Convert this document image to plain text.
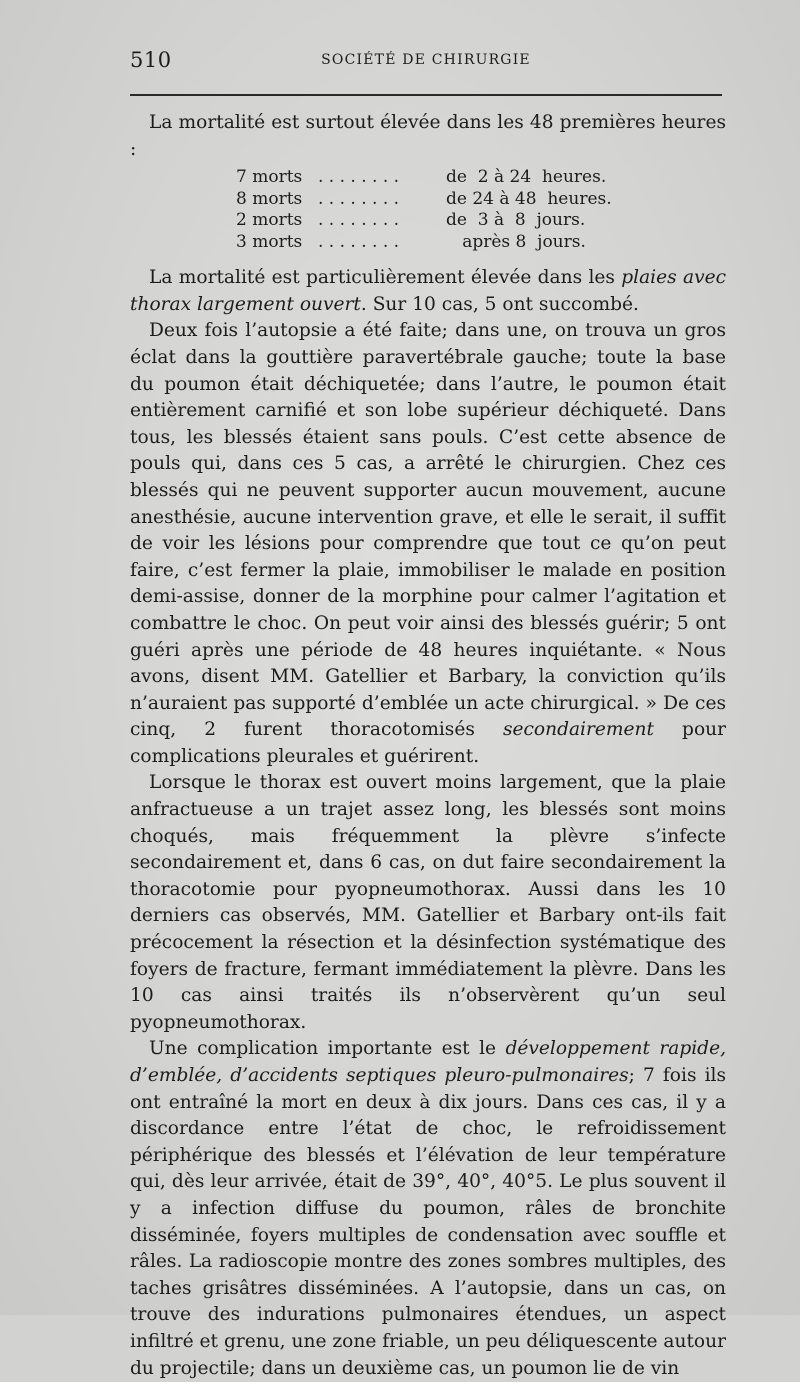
510	SOCIÉTÉ DE CHIRURGIE

La mortalité est surtout élevée dans les 48 premières heures :

7 morts . . . . . . . .	de  2 à 24  heures.
8 morts . . . . . . . .	de 24 à 48  heures.
2 morts . . . . . . . .	de  3 à  8  jours.
3 morts . . . . . . . .	après 8  jours.

La mortalité est particulièrement élevée dans les plaies avec thorax largement ouvert. Sur 10 cas, 5 ont succombé.

Deux fois l’autopsie a été faite; dans une, on trouva un gros éclat dans la gouttière paravertébrale gauche; toute la base du poumon était déchiquetée; dans l’autre, le poumon était entièrement carnifié et son lobe supérieur déchiqueté. Dans tous, les blessés étaient sans pouls. C’est cette absence de pouls qui, dans ces 5 cas, a arrêté le chirurgien. Chez ces blessés qui ne peuvent supporter aucun mouvement, aucune anesthésie, aucune intervention grave, et elle le serait, il suffit de voir les lésions pour comprendre que tout ce qu’on peut faire, c’est fermer la plaie, immobiliser le malade en position demi-assise, donner de la morphine pour calmer l’agitation et combattre le choc. On peut voir ainsi des blessés guérir; 5 ont guéri après une période de 48 heures inquiétante. « Nous avons, disent MM. Gatellier et Barbary, la conviction qu’ils n’auraient pas supporté d’emblée un acte chirurgical. » De ces cinq, 2 furent thoracotomisés secondairement pour complications pleurales et guérirent.

Lorsque le thorax est ouvert moins largement, que la plaie anfractueuse a un trajet assez long, les blessés sont moins choqués, mais fréquemment la plèvre s’infecte secondairement et, dans 6 cas, on dut faire secondairement la thoracotomie pour pyopneumothorax. Aussi dans les 10 derniers cas observés, MM. Gatellier et Barbary ont-ils fait précocement la résection et la désinfection systématique des foyers de fracture, fermant immédiatement la plèvre. Dans les 10 cas ainsi traités ils n’observèrent qu’un seul pyopneumothorax.

Une complication importante est le développement rapide, d’emblée, d’accidents septiques pleuro-pulmonaires; 7 fois ils ont entraîné la mort en deux à dix jours. Dans ces cas, il y a discordance entre l’état de choc, le refroidissement périphérique des blessés et l’élévation de leur température qui, dès leur arrivée, était de 39°, 40°, 40°5. Le plus souvent il y a infection diffuse du poumon, râles de bronchite disséminée, foyers multiples de condensation avec souffle et râles. La radioscopie montre des zones sombres multiples, des taches grisâtres disséminées. A l’autopsie, dans un cas, on trouve des indurations pulmonaires étendues, un aspect infiltré et grenu, une zone friable, un peu déliquescente autour du projectile; dans un deuxième cas, un poumon lie de vin
